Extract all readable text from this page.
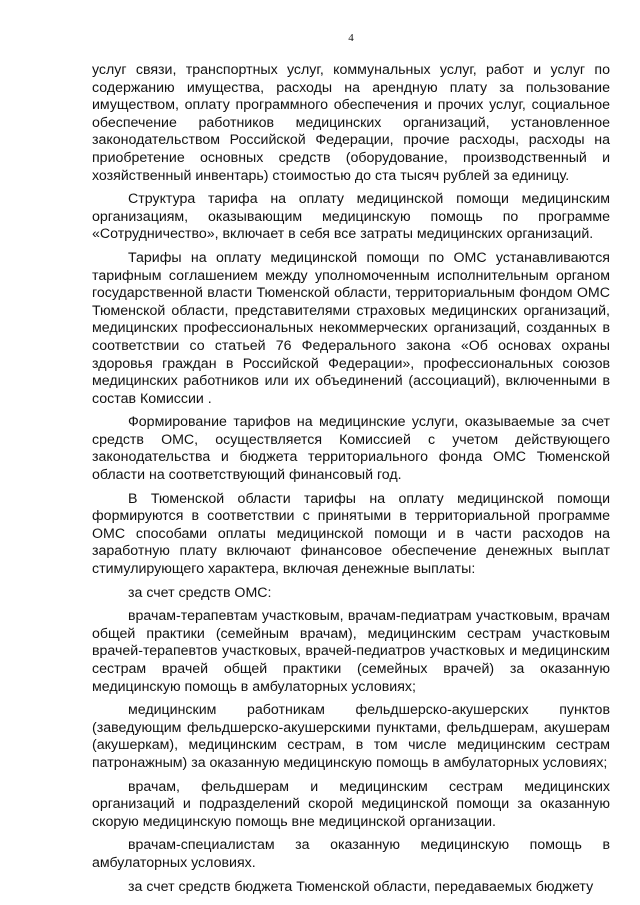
4

услуг связи, транспортных услуг, коммунальных услуг, работ и услуг по содержанию имущества, расходы на арендную плату за пользование имуществом, оплату программного обеспечения и прочих услуг, социальное обеспечение работников медицинских организаций, установленное законодательством Российской Федерации, прочие расходы, расходы на приобретение основных средств (оборудование, производственный и хозяйственный инвентарь) стоимостью до ста тысяч рублей за единицу.

Структура тарифа на оплату медицинской помощи медицинским организациям, оказывающим медицинскую помощь по программе «Сотрудничество», включает в себя все затраты медицинских организаций.

Тарифы на оплату медицинской помощи по ОМС устанавливаются тарифным соглашением между уполномоченным исполнительным органом государственной власти Тюменской области, территориальным фондом ОМС Тюменской области, представителями страховых медицинских организаций, медицинских профессиональных некоммерческих организаций, созданных в соответствии со статьей 76 Федерального закона «Об основах охраны здоровья граждан в Российской Федерации», профессиональных союзов медицинских работников или их объединений (ассоциаций), включенными в состав Комиссии .

Формирование тарифов на медицинские услуги, оказываемые за счет средств ОМС, осуществляется Комиссией с учетом действующего законодательства и бюджета территориального фонда ОМС Тюменской области на соответствующий финансовый год.

В Тюменской области тарифы на оплату медицинской помощи формируются в соответствии с принятыми в территориальной программе ОМС способами оплаты медицинской помощи и в части расходов на заработную плату включают финансовое обеспечение денежных выплат стимулирующего характера, включая денежные выплаты:

за счет средств ОМС:

врачам-терапевтам участковым, врачам-педиатрам участковым, врачам общей практики (семейным врачам), медицинским сестрам участковым врачей-терапевтов участковых, врачей-педиатров участковых и медицинским сестрам врачей общей практики (семейных врачей) за оказанную медицинскую помощь в амбулаторных условиях;

медицинским работникам фельдшерско-акушерских пунктов (заведующим фельдшерско-акушерскими пунктами, фельдшерам, акушерам (акушеркам), медицинским сестрам, в том числе медицинским сестрам патронажным) за оказанную медицинскую помощь в амбулаторных условиях;

врачам, фельдшерам и медицинским сестрам медицинских организаций и подразделений скорой медицинской помощи за оказанную скорую медицинскую помощь вне медицинской организации.

врачам-специалистам за оказанную медицинскую помощь в амбулаторных условиях.

за счет средств бюджета Тюменской области, передаваемых бюджету
